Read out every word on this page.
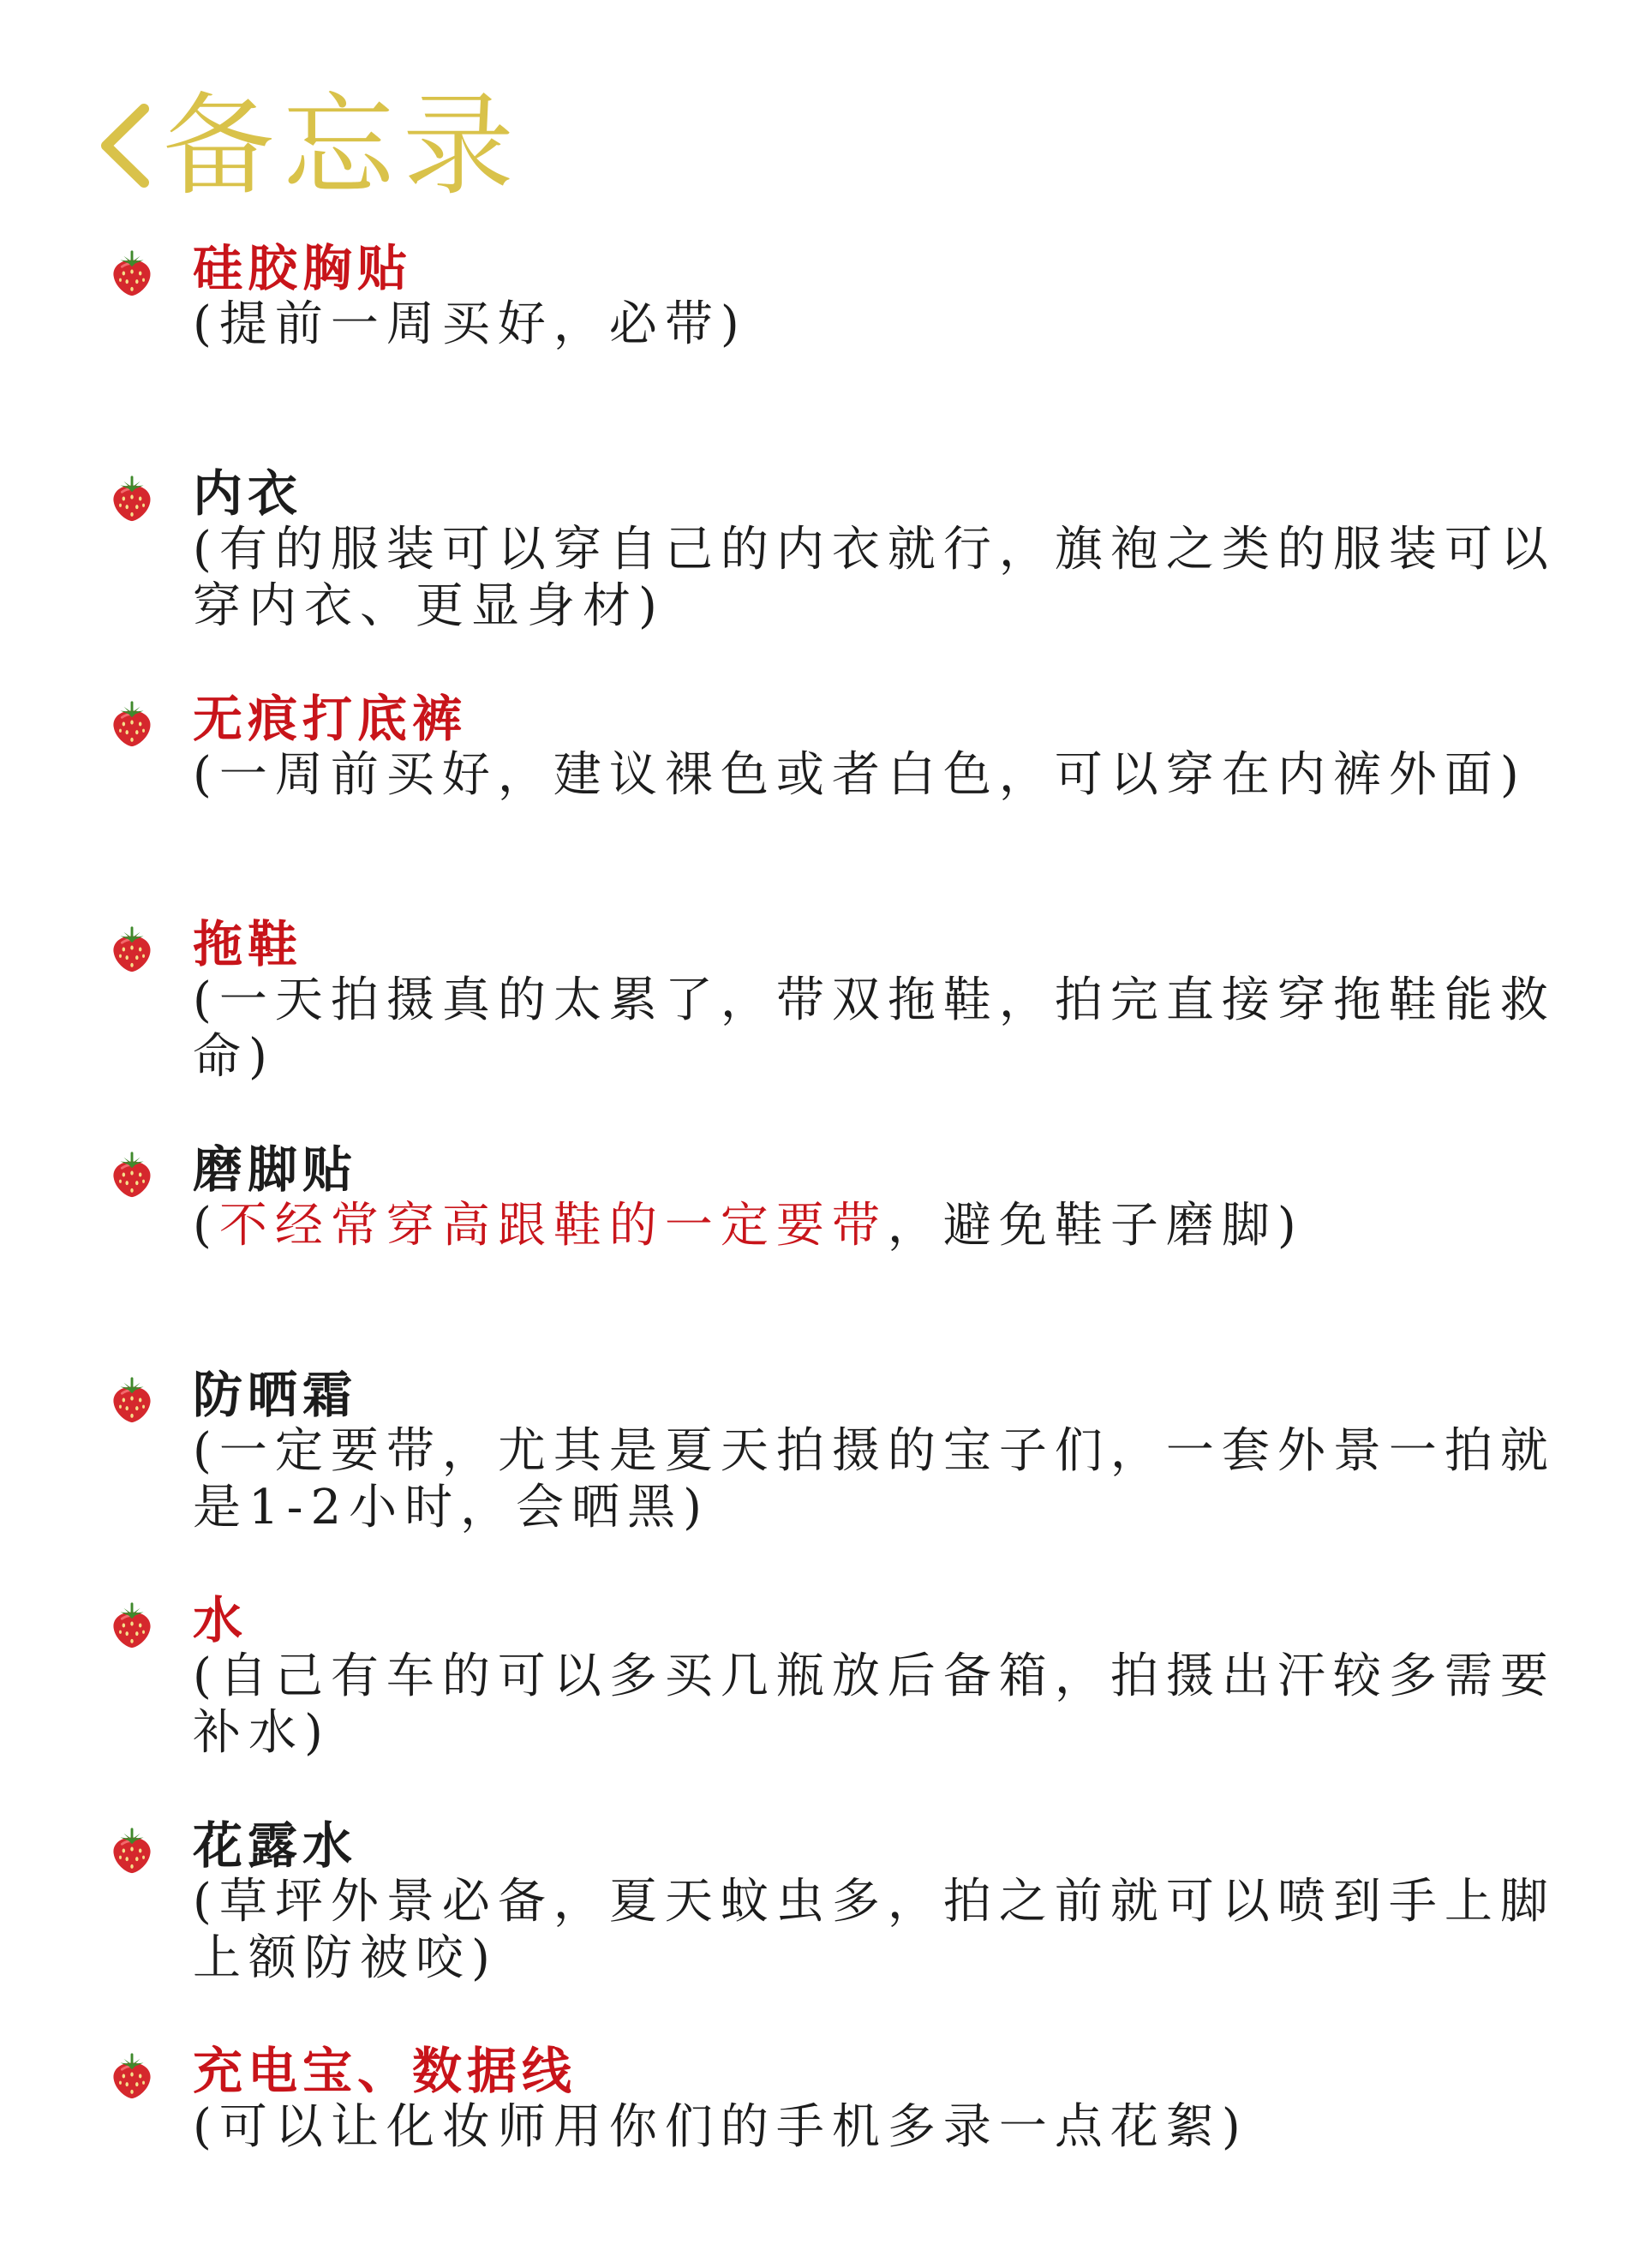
备忘录
硅胶胸贴
(提前一周买好，必带)
内衣
(有的服装可以穿自己的内衣就行，旗袍之类的服装可以穿内衣、更显身材)
无痕打底裤
(一周前买好，建议裸色或者白色，可以穿在内裤外面)
拖鞋
(一天拍摄真的太累了，带双拖鞋，拍完直接穿拖鞋能救命)
磨脚贴
(不经常穿高跟鞋的一定要带，避免鞋子磨脚)
防晒霜
(一定要带，尤其是夏天拍摄的宝子们，一套外景一拍就是1-2小时，会晒黑)
水
(自己有车的可以多买几瓶放后备箱，拍摄出汗较多需要补水)
花露水
(草坪外景必备，夏天蚊虫多，拍之前就可以喷到手上脚上额防被咬)
充电宝、数据线
(可以让化妆师用你们的手机多录一点花絮)
